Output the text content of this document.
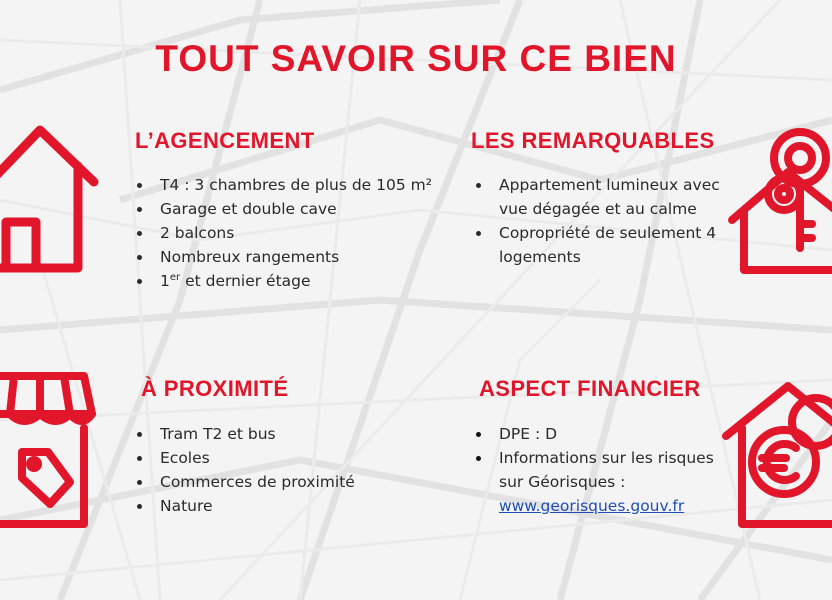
TOUT SAVOIR SUR CE BIEN
L’AGENCEMENT
T4 : 3 chambres de plus de 105 m²
Garage et double cave
2 balcons
Nombreux rangements
1er et dernier étage
LES REMARQUABLES
Appartement lumineux avec vue dégagée et au calme
Copropriété de seulement 4 logements
À PROXIMITÉ
Tram T2 et bus
Ecoles
Commerces de proximité
Nature
ASPECT FINANCIER
DPE : D
Informations sur les risques sur Géorisques :
www.georisques.gouv.fr
